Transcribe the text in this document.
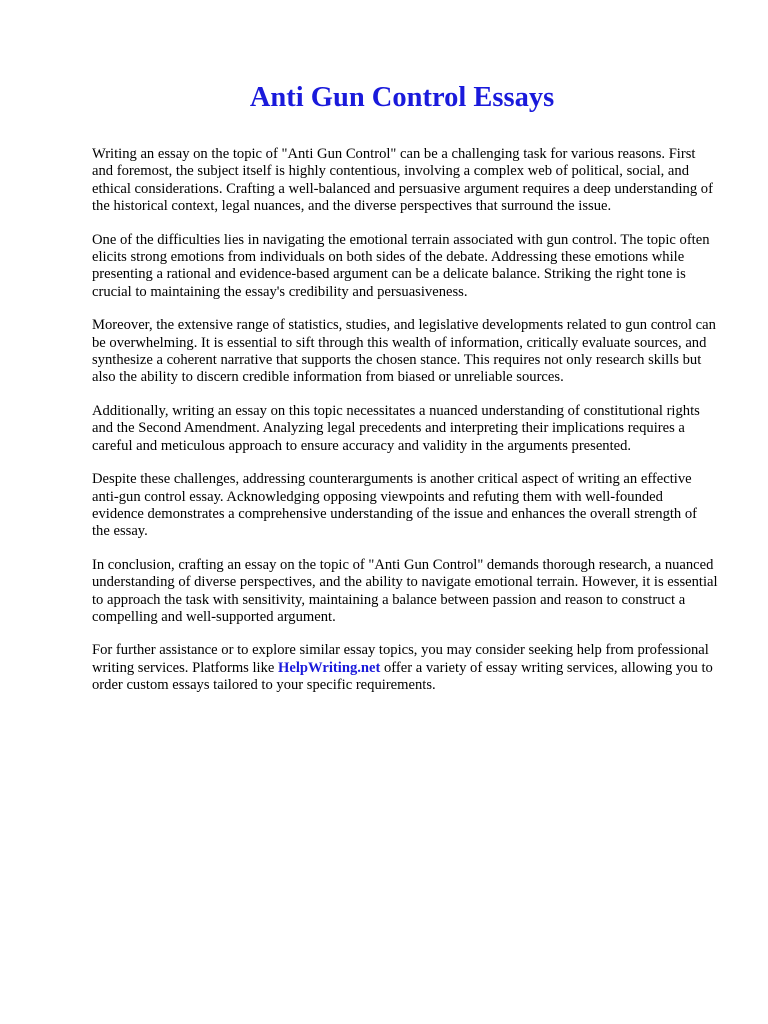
Anti Gun Control Essays

Writing an essay on the topic of "Anti Gun Control" can be a challenging task for various reasons. First and foremost, the subject itself is highly contentious, involving a complex web of political, social, and ethical considerations. Crafting a well-balanced and persuasive argument requires a deep understanding of the historical context, legal nuances, and the diverse perspectives that surround the issue.

One of the difficulties lies in navigating the emotional terrain associated with gun control. The topic often elicits strong emotions from individuals on both sides of the debate. Addressing these emotions while presenting a rational and evidence-based argument can be a delicate balance. Striking the right tone is crucial to maintaining the essay's credibility and persuasiveness.

Moreover, the extensive range of statistics, studies, and legislative developments related to gun control can be overwhelming. It is essential to sift through this wealth of information, critically evaluate sources, and synthesize a coherent narrative that supports the chosen stance. This requires not only research skills but also the ability to discern credible information from biased or unreliable sources.

Additionally, writing an essay on this topic necessitates a nuanced understanding of constitutional rights and the Second Amendment. Analyzing legal precedents and interpreting their implications requires a careful and meticulous approach to ensure accuracy and validity in the arguments presented.

Despite these challenges, addressing counterarguments is another critical aspect of writing an effective anti-gun control essay. Acknowledging opposing viewpoints and refuting them with well-founded evidence demonstrates a comprehensive understanding of the issue and enhances the overall strength of the essay.

In conclusion, crafting an essay on the topic of "Anti Gun Control" demands thorough research, a nuanced understanding of diverse perspectives, and the ability to navigate emotional terrain. However, it is essential to approach the task with sensitivity, maintaining a balance between passion and reason to construct a compelling and well-supported argument.

For further assistance or to explore similar essay topics, you may consider seeking help from professional writing services. Platforms like HelpWriting.net offer a variety of essay writing services, allowing you to order custom essays tailored to your specific requirements.
